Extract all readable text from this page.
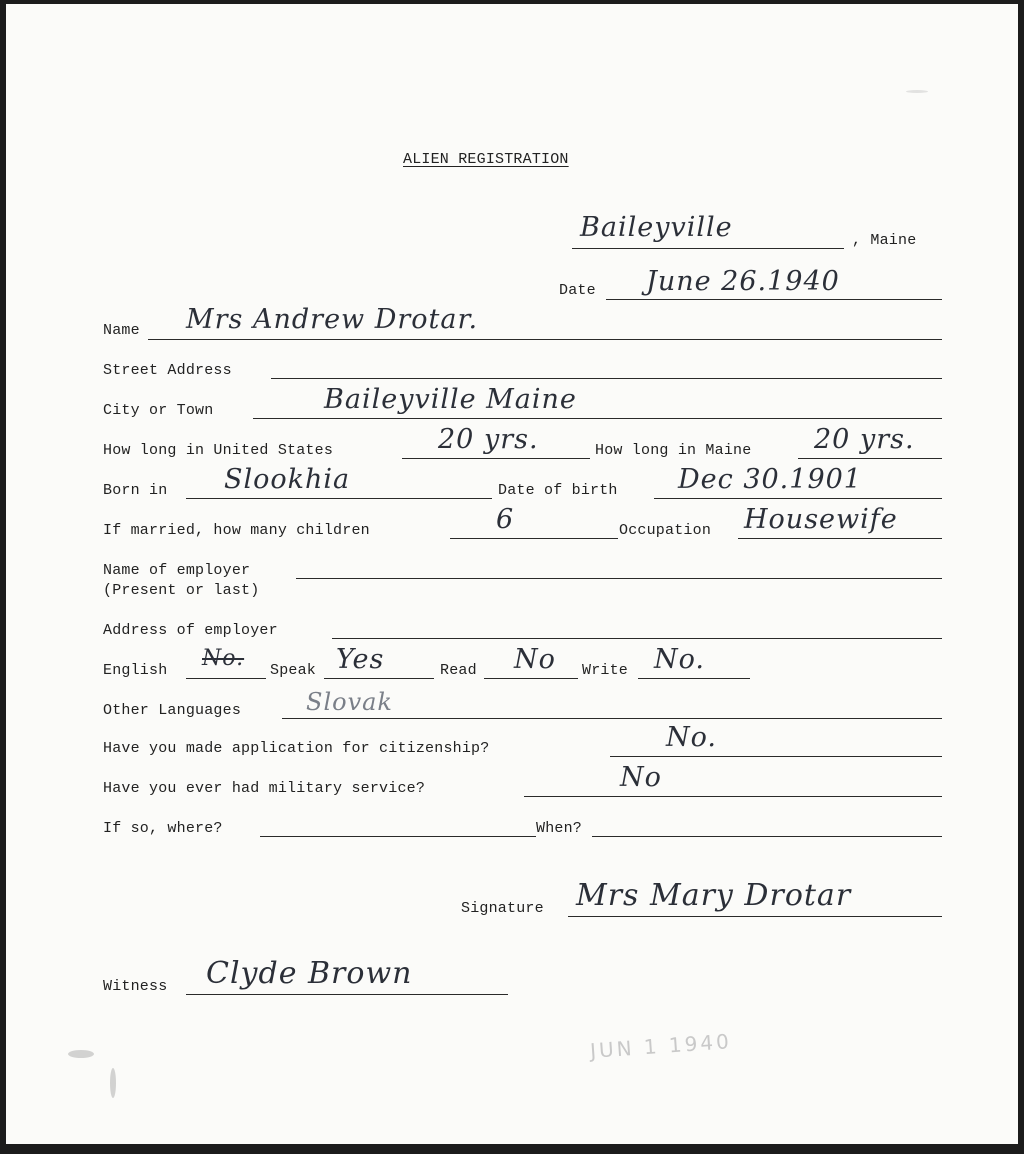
ALIEN REGISTRATION
Baileyville	, Maine
Date June 26.1940
Name Mrs Andrew Drotar.
Street Address
City or Town	Baileyville Maine
How long in United States	20 yrs.	How long in Maine 20 yrs.
Born in Slookhia	Date of birth Dec 30.1901
If married, how many children	6	Occupation Housewife
Name of employer
(Present or last)
Address of employer
English No. Speak Yes	Read No Write No.
Other Languages	Slovak
Have you made application for citizenship?	No.
Have you ever had military service?	No
If so, where?	When?
Signature Mrs Mary Drotar
Witness Clyde Brown
JUN 1 1940
